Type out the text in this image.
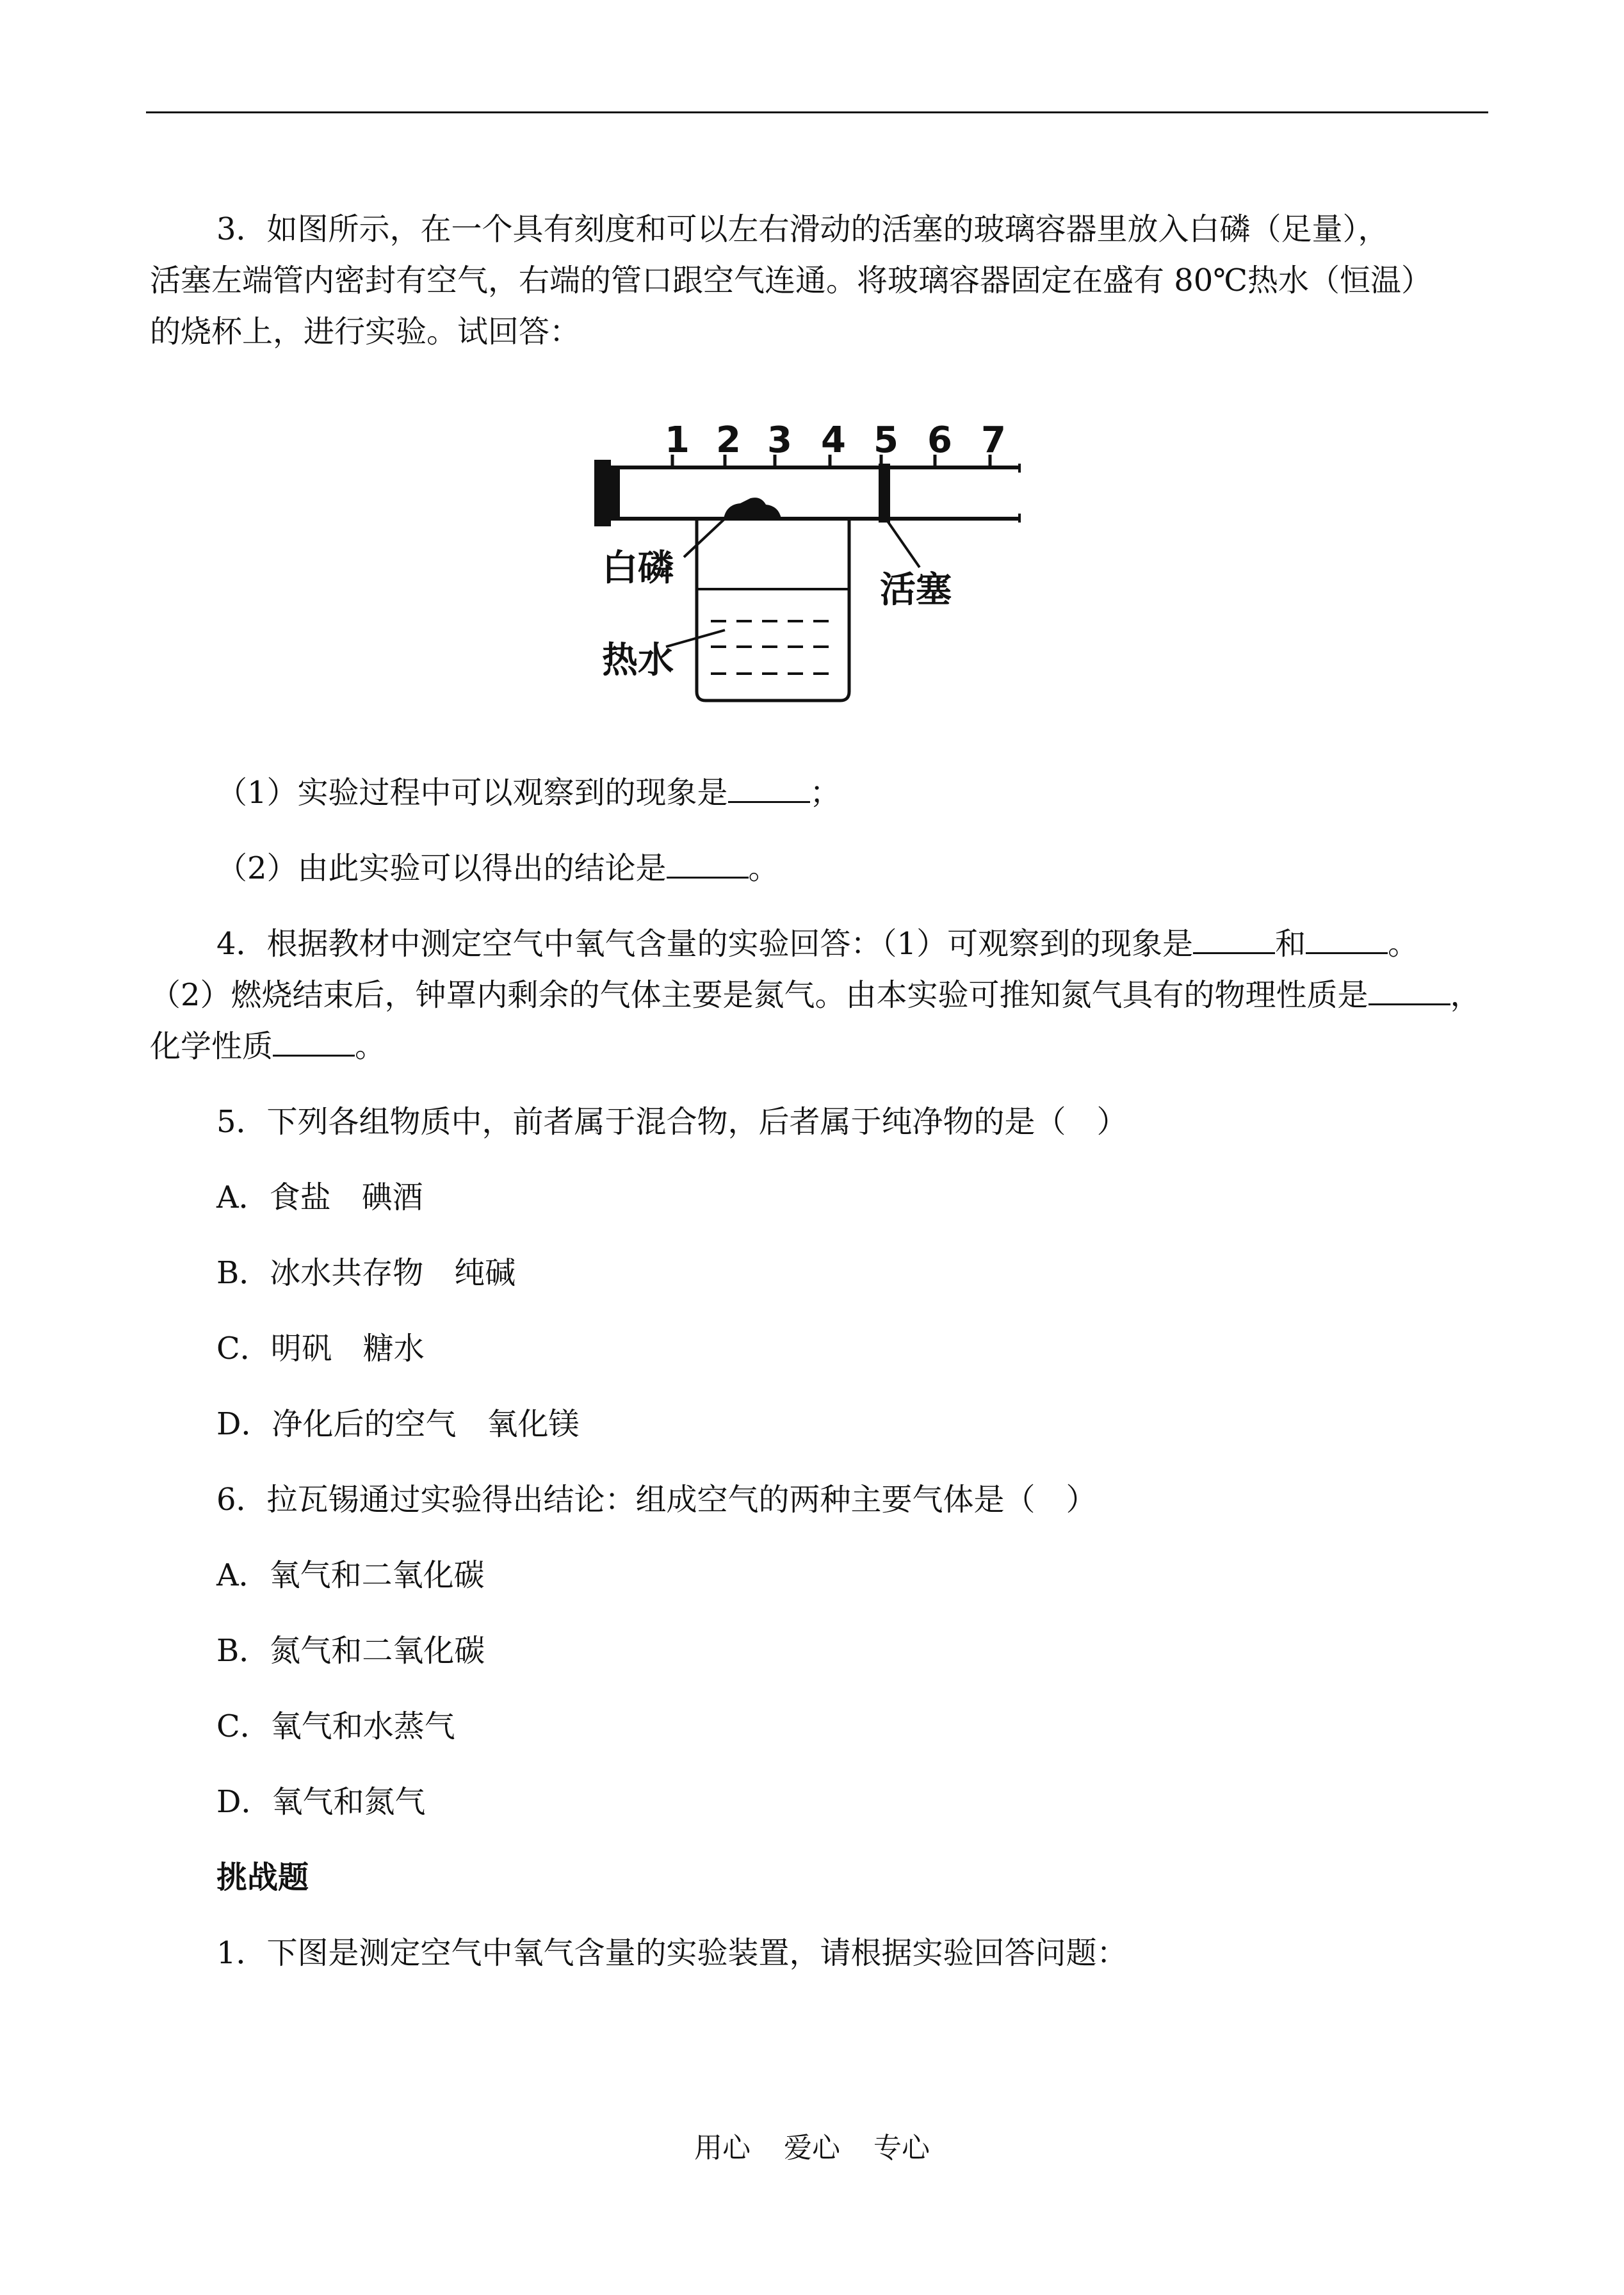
3．如图所示，在一个具有刻度和可以左右滑动的活塞的玻璃容器里放入白磷（足量），
活塞左端管内密封有空气，右端的管口跟空气连通。将玻璃容器固定在盛有 80℃热水（恒温）
的烧杯上，进行实验。试回答：
1 2 3 4 5 6 7
白磷
活塞
热水
（1）实验过程中可以观察到的现象是	；
（2）由此实验可以得出的结论是	。
4．根据教材中测定空气中氧气含量的实验回答：（1）可观察到的现象是	和	。
（2）燃烧结束后，钟罩内剩余的气体主要是氮气。由本实验可推知氮气具有的物理性质是	，
化学性质	。
5．下列各组物质中，前者属于混合物，后者属于纯净物的是（　）
A．食盐　碘酒
B．冰水共存物　纯碱
C．明矾　糖水
D．净化后的空气　氧化镁
6．拉瓦锡通过实验得出结论：组成空气的两种主要气体是（　）
A．氧气和二氧化碳
B．氮气和二氧化碳
C．氧气和水蒸气
D．氧气和氮气
挑战题
1．下图是测定空气中氧气含量的实验装置，请根据实验回答问题：
用心 爱心 专心
